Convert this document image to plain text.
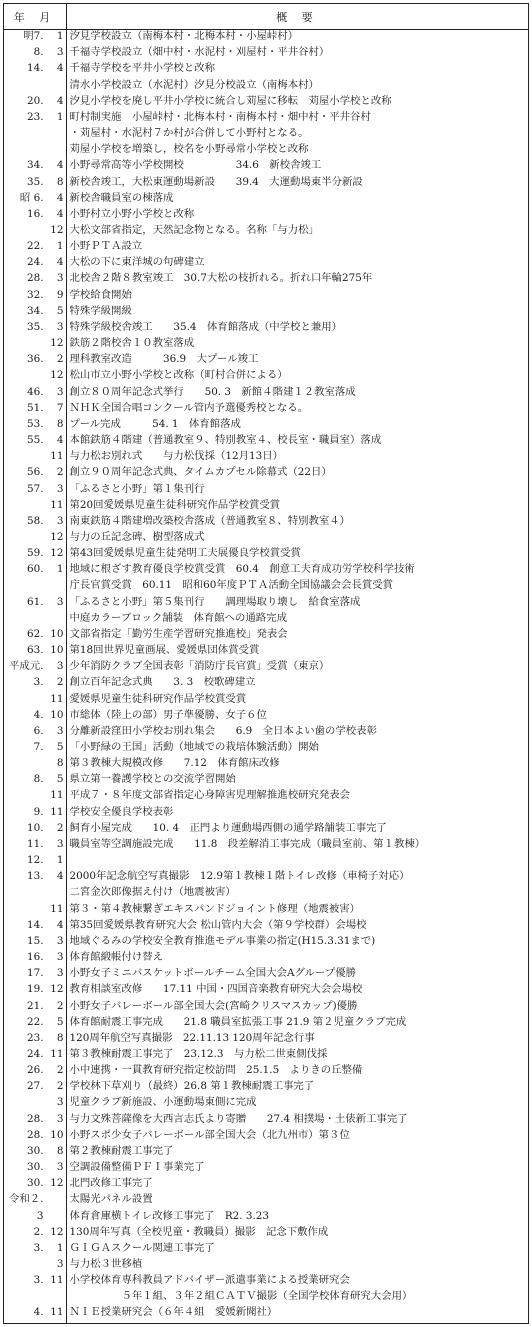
年 月	概 要

明7. 1	汐見学校設立（南梅本村・北梅本村・小屋峠村）

8. 3	千福寺学校設立（畑中村・水泥村・刈屋村・平井谷村）

14. 4	千福寺学校を平井小学校と改称

	清水小学校設立（水泥村）汐見分校設立（南梅本村）

20. 4	汐見小学校を廃し平井小学校に統合し苅屋に移転　苅屋小学校と改称

23. 1	町村制実施　小屋峠村・北梅本村・南梅本村・畑中村・平井谷村

	・苅屋村・水泥村７か村が合併して小野村となる。

	苅屋小学校を増築し，校名を小野尋常小学校と改称

34. 4	小野尋常高等小学校開校　　　　　34.6　新校舎竣工

35. 8	新校舎竣工，大松東運動場新設　　39.4　大運動場東半分新設

昭 6. 4	新校舎職員室の棟落成

16. 4	小野村立小野小学校と改称

12	大松文部省指定，天然記念物となる。名称「与力松」

22. 1	小野ＰＴＡ設立

24. 4	大松の下に東洋城の句碑建立

28. 3	北校舎２階８教室竣工　30.7大松の枝折れる。折れ口年輪275年

32. 9	学校給食開始

34. 5	特殊学級開級

35. 3	特殊学級校舎竣工　　35.4　体育館落成（中学校と兼用）

12	鉄筋２階校舎１０教室落成

36. 2	理科教室改造　　　36.9　大プール竣工

12	松山市立小野小学校と改称（町村合併による）

46. 3	創立８０周年記念式挙行　　50. 3　新館４階建１２教室落成

51. 7	ＮＨＫ全国合唱コンクール管内予選優秀校となる。

53. 8	プール完成　　　54. 1　体育館落成

55. 4	本館鉄筋４階建（普通教室９、特別教室４、校長室・職員室）落成

11	与力松お別れ式　　与力松伐採（12月13日）

56. 2	創立９０周年記念式典、タイムカプセル除幕式（22日）

57. 3	「ふるさと小野」第１集刊行

11	第20回愛媛県児童生徒科研究作品学校賞受賞

58. 3	南東鉄筋４階建増改築校舎落成（普通教室８、特別教室４）

12	与力の丘記念碑、樹型落成式

59. 12	第43回愛媛県児童生徒発明工夫展優良学校賞受賞

60. 1	地域に根ざす教育優良学校賞受賞　60.4　創意工夫育成功労学校科学技術

	庁長官賞受賞　60.11　昭和60年度ＰＴＡ活動全国協議会会長賞受賞

61. 3	「ふるさと小野」第５集刊行　　調理場取り壊し　給食室落成

	中庭カラーブロック舗装　体育館への通路完成

62. 10	文部省指定「勤労生産学習研究推進校」発表会

63. 10	第18回世界児童画展、愛媛県団体賞受賞

平成元. 3	少年消防クラブ全国表彰「消防庁長官賞」受賞（東京）

3. 2	創立百年記念式典　　3. 3　校歌碑建立

11	愛媛県児童生徒科研究作品学校賞受賞

4. 10	市総体（陸上の部）男子準優勝、女子６位

6. 3	分離新設窪田小学校お別れ集会　　6.9　全日本よい歯の学校表彰

7. 5	「小野緑の王国」活動（地域での栽培体験活動）開始

8	第３教棟大規模改修　　7.12　体育館床改修

8. 5	県立第一養護学校との交流学習開始

11	平成７・８年度文部省指定心身障害児理解推進校研究発表会

9. 11	学校安全優良学校表彰

10. 2	飼育小屋完成　　10. 4　正門より運動場西側の通学路舗装工事完了

11. 3	職員室等空調施設完成　　11.8　段差解消工事完成（職員室前、第１教棟）

12. 1	

13. 4	2000年記念航空写真撮影　12.9第１教棟１階トイレ改修（車椅子対応）

	二宮金次郎像据え付け（地震被害）

11	第３・第４教棟繋ぎエキスパンドジョイント修理（地震被害）

14. 4	第35回愛媛県教育研究大会 松山管内大会（第９学校群）会場校

15. 3	地域ぐるみの学校安全教育推進モデル事業の指定(H15.3.31まで)

16. 3	体育館緞帳付け替え

17. 3	小野女子ミニバスケットボールチーム全国大会Aグループ優勝

19. 12	教育相談室改修　　17.11 中国・四国音楽教育研究大会会場校

21. 2	小野女子バレーボール部全国大会(宮崎クリスマスカップ)優勝

22. 5	体育館耐震工事完成　　21.8 職員室拡張工事 21.9 第２児童クラブ完成

23. 8	120周年航空写真撮影　22.11.13 120周年記念行事

24. 11	第３教棟耐震工事完了　23.12.3　与力松二世東側伐採

26. 2	小中連携・一貫教育研究指定校訪問　25.1.5　よりきの丘整備

27. 2	学校林下草刈り（最終）26.8 第１教棟耐震工事完了

3	児童クラブ新施設、小運動場東側に完成

28. 3	与力文殊菩薩像を大西言志氏より寄贈　　27.4 相撲場・土俵新工事完了

28. 10	小野スポ少女子バレーボール部全国大会（北九州市）第３位

30. 8	第２教棟耐震工事完了

30. 3	空調設備整備ＰＦＩ事業完了

30. 12	北門改修工事完了

令和２.	太陽光パネル設置

3	体育倉庫横トイレ改修工事完了　R2. 3.23

2. 12	130周年写真（全校児童・教職員）撮影　記念下敷作成

3. 1	ＧＩＧＡスクール関連工事完了

3	与力松３世移植

3. 11	小学校体育専科教員アドバイザー派遣事業による授業研究会

	　　　　　５年１組、３年２組ＣＡＴＶ撮影（全国学校体育研究大会用）

4. 11	ＮＩＥ授業研究会（６年４組　愛媛新聞社）
